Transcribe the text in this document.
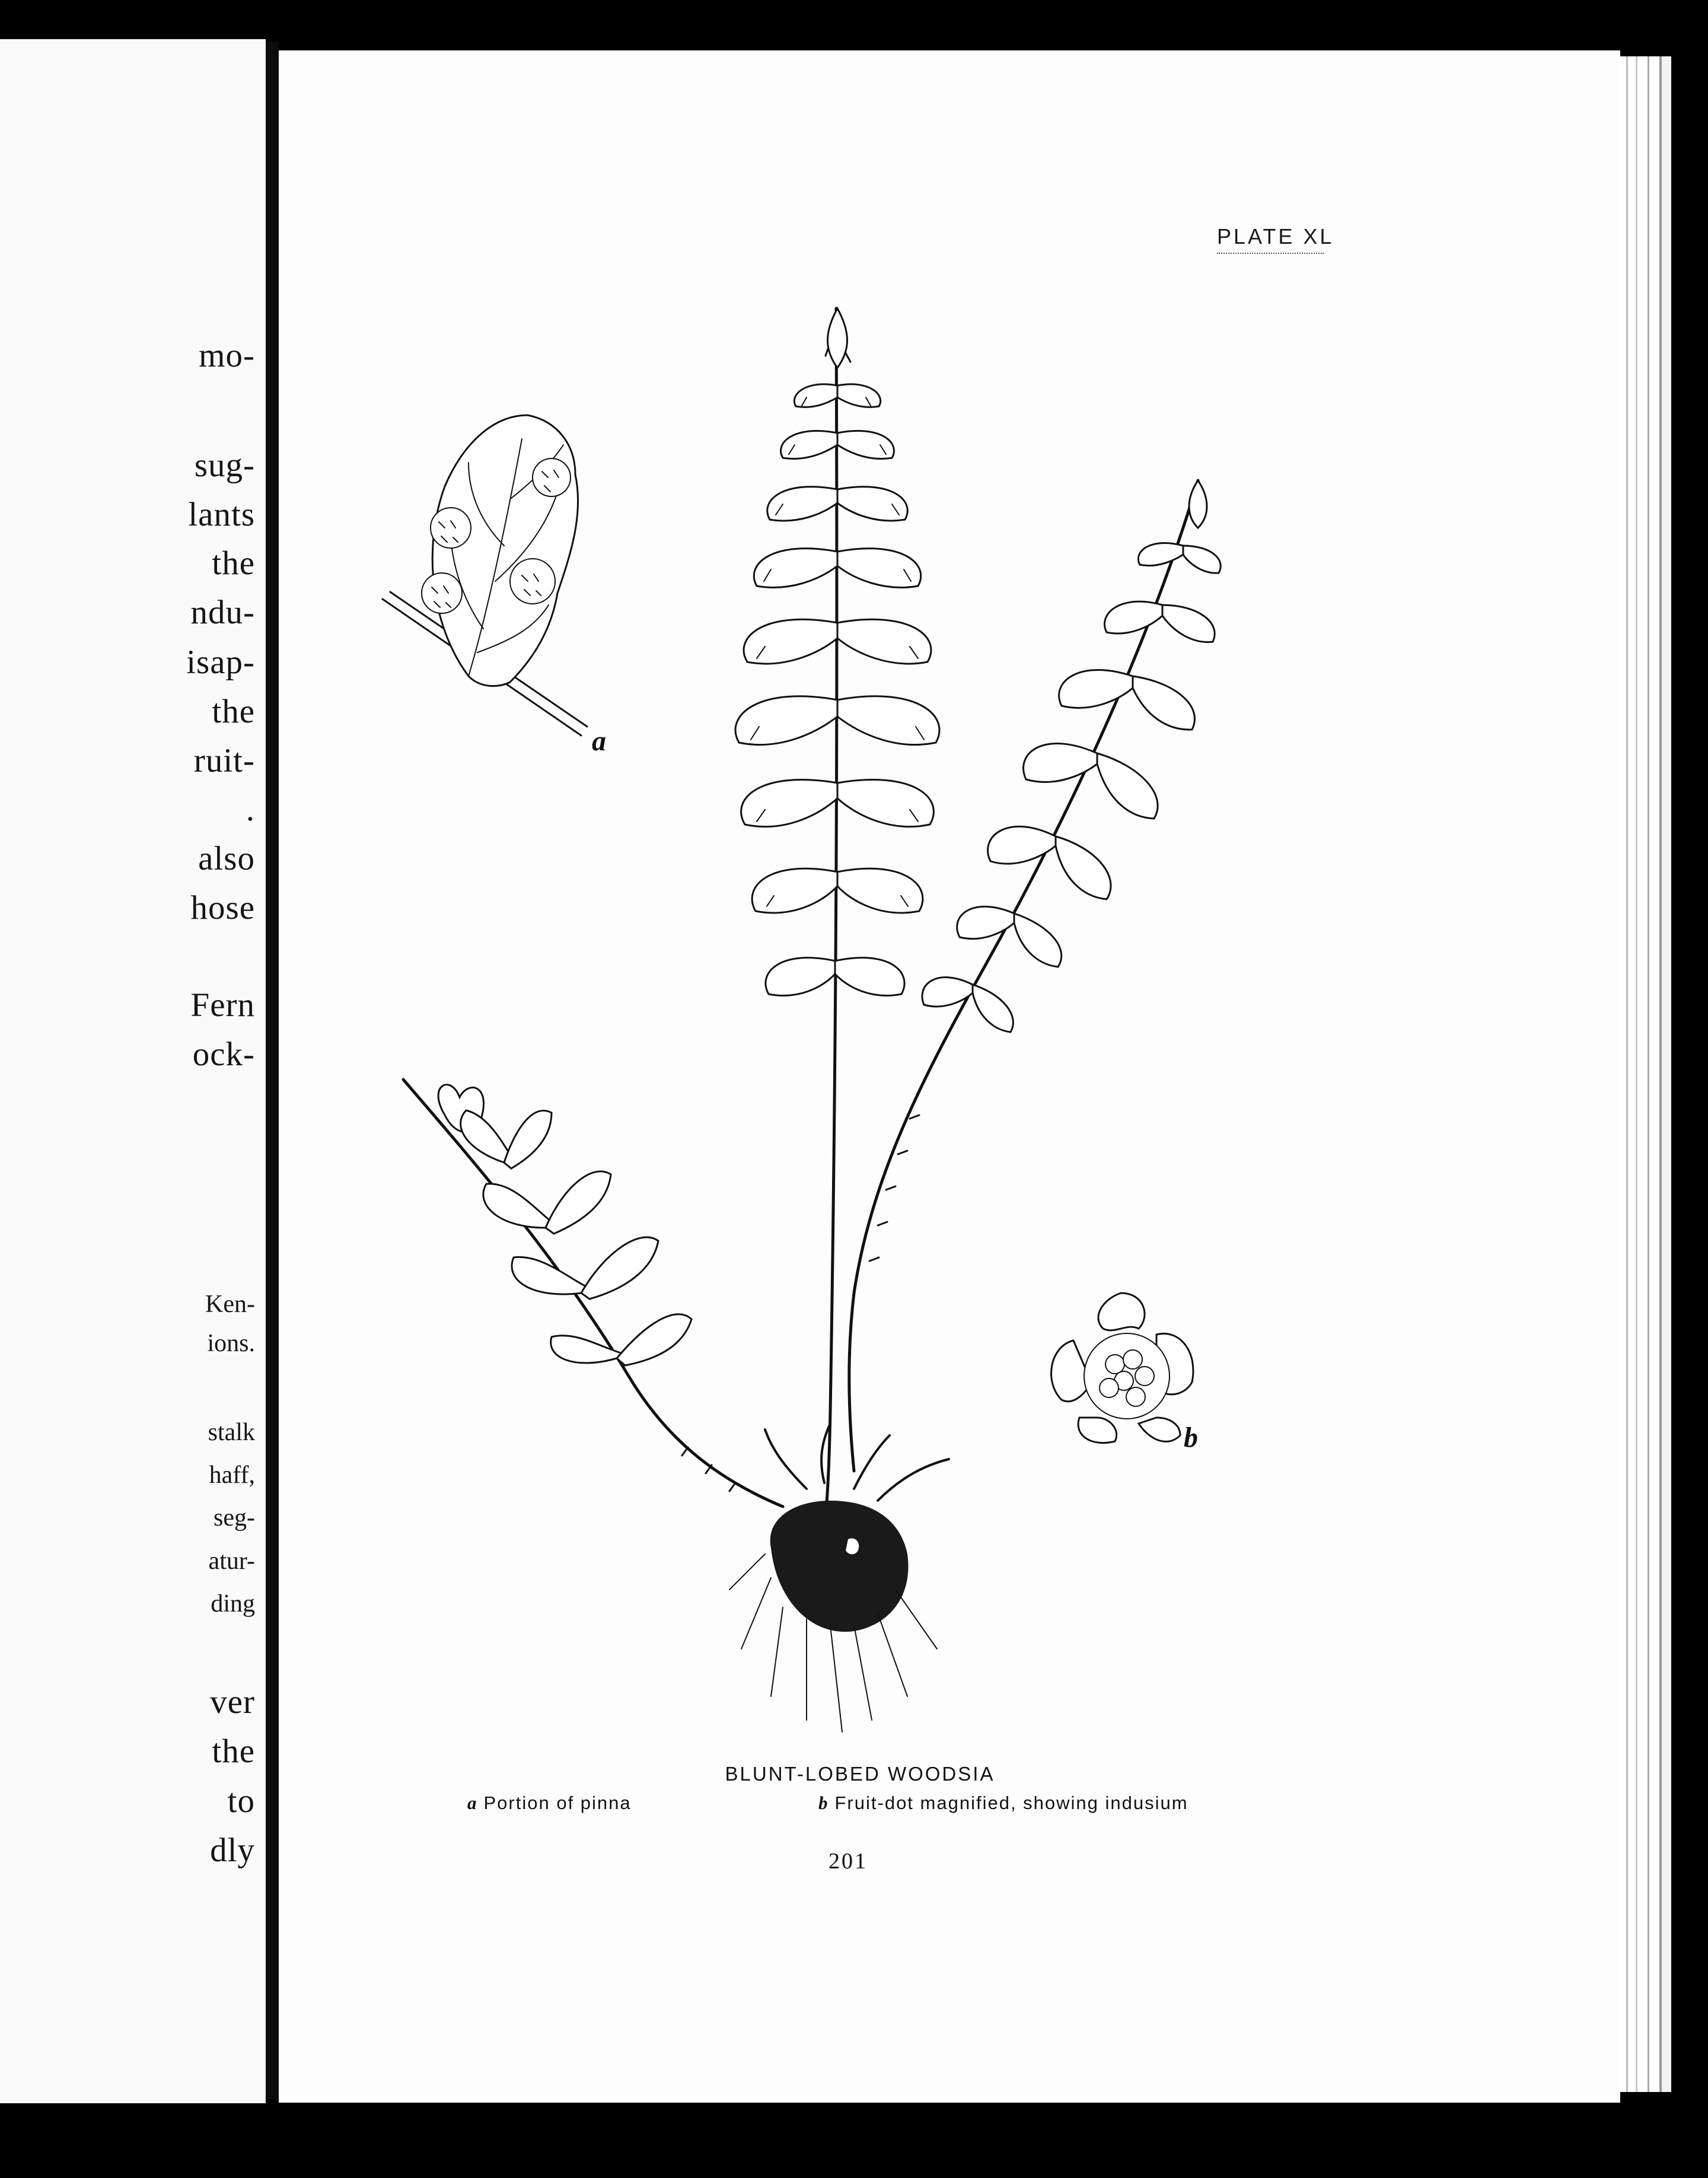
mo-
sug-
lants
the
ndu-
isap-
the
ruit-
.
also
hose
Fern
ock-
Ken-
ions.
stalk
haff,
seg-
atur-
ding
ver
the
to
dly
PLATE XL
a
b
BLUNT-LOBED WOODSIA
a Portion of pinna	b Fruit-dot magnified, showing indusium
201
